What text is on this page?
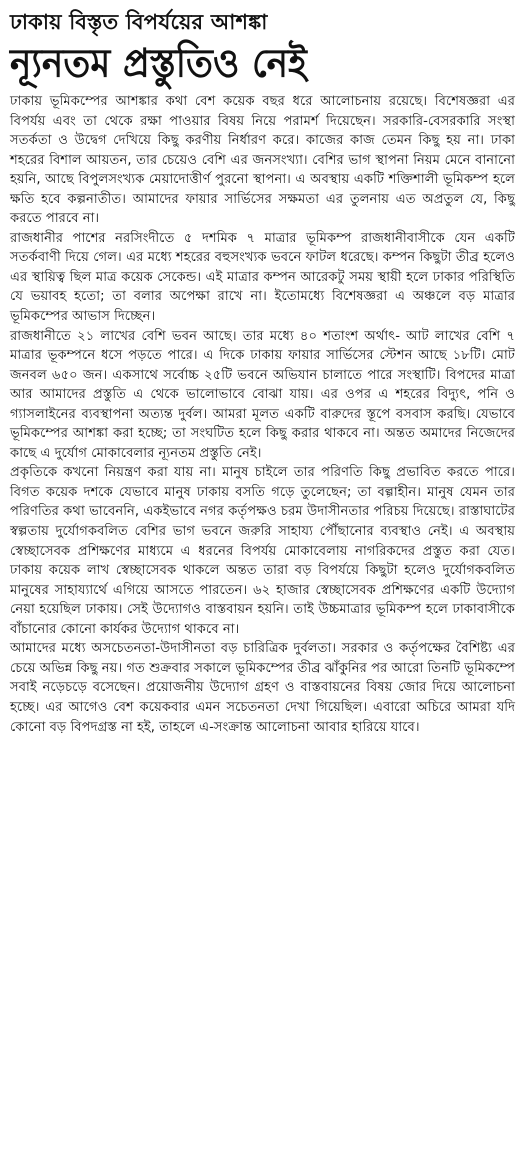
ঢাকায় বিস্তৃত বিপর্যয়ের আশঙ্কা
ন্যূনতম প্রস্তুতিও নেই

ঢাকায় ভূমিকম্পের আশঙ্কার কথা বেশ কয়েক বছর ধরে আলোচনায় রয়েছে। বিশেষজ্ঞরা এর বিপর্যয় এবং তা থেকে রক্ষা পাওয়ার বিষয় নিয়ে পরামর্শ দিয়েছেন। সরকারি-বেসরকারি সংস্থা সতর্কতা ও উদ্বেগ দেখিয়ে কিছু করণীয় নির্ধারণ করে। কাজের কাজ তেমন কিছু হয় না। ঢাকা শহরের বিশাল আয়তন, তার চেয়েও বেশি এর জনসংখ্যা। বেশির ভাগ স্থাপনা নিয়ম মেনে বানানো হয়নি, আছে বিপুলসংখ্যক মেয়াদোত্তীর্ণ পুরনো স্থাপনা। এ অবস্থায় একটি শক্তিশালী ভূমিকম্প হলে ক্ষতি হবে কল্পনাতীত। আমাদের ফায়ার সার্ভিসের সক্ষমতা এর তুলনায় এত অপ্রতুল যে, কিছু করতে পারবে না।

রাজধানীর পাশের নরসিংদীতে ৫ দশমিক ৭ মাত্রার ভূমিকম্প রাজধানীবাসীকে যেন একটি সতর্কবাণী দিয়ে গেল। এর মধ্যে শহরের বহুসংখ্যক ভবনে ফাটল ধরেছে। কম্পন কিছুটা তীব্র হলেও এর স্থায়িত্ব ছিল মাত্র কয়েক সেকেন্ড। এই মাত্রার কম্পন আরেকটু সময় স্থায়ী হলে ঢাকার পরিস্থিতি যে ভয়াবহ হতো; তা বলার অপেক্ষা রাখে না। ইতোমধ্যে বিশেষজ্ঞরা এ অঞ্চলে বড় মাত্রার ভূমিকম্পের আভাস দিচ্ছেন।

রাজধানীতে ২১ লাখের বেশি ভবন আছে। তার মধ্যে ৪০ শতাংশ অর্থাৎ- আট লাখের বেশি ৭ মাত্রার ভূকম্পনে ধসে পড়তে পারে। এ দিকে ঢাকায় ফায়ার সার্ভিসের স্টেশন আছে ১৮টি। মোট জনবল ৬৫০ জন। একসাথে সর্বোচ্চ ২৫টি ভবনে অভিযান চালাতে পারে সংস্থাটি। বিপদের মাত্রা আর আমাদের প্রস্তুতি এ থেকে ভালোভাবে বোঝা যায়। এর ওপর এ শহরের বিদ্যুৎ, পনি ও গ্যাসলাইনের ব্যবস্থাপনা অত্যন্ত দুর্বল। আমরা মূলত একটি বারুদের স্তূপে বসবাস করছি। যেভাবে ভূমিকম্পের আশঙ্কা করা হচ্ছে; তা সংঘটিত হলে কিছু করার থাকবে না। অন্তত অমাদের নিজেদের কাছে এ দুর্যোগ মোকাবেলার ন্যূনতম প্রস্তুতি নেই।

প্রকৃতিকে কখনো নিয়ন্ত্রণ করা যায় না। মানুষ চাইলে তার পরিণতি কিছু প্রভাবিত করতে পারে। বিগত কয়েক দশকে যেভাবে মানুষ ঢাকায় বসতি গড়ে তুলেছেন; তা বল্গাহীন। মানুষ যেমন তার পরিণতির কথা ভাবেননি, একইভাবে নগর কর্তৃপক্ষও চরম উদাসীনতার পরিচয় দিয়েছে। রাস্তাঘাটের স্বল্পতায় দুর্যোগকবলিত বেশির ভাগ ভবনে জরুরি সাহায্য পৌঁছানোর ব্যবস্থাও নেই। এ অবস্থায় স্বেচ্ছাসেবক প্রশিক্ষণের মাধ্যমে এ ধরনের বিপর্যয় মোকাবেলায় নাগরিকদের প্রস্তুত করা যেত। ঢাকায় কয়েক লাখ স্বেচ্ছাসেবক থাকলে অন্তত তারা বড় বিপর্যয়ে কিছুটা হলেও দুর্যোগকবলিত মানুষের সাহায্যার্থে এগিয়ে আসতে পারতেন। ৬২ হাজার স্বেচ্ছাসেবক প্রশিক্ষণের একটি উদ্যোগ নেয়া হয়েছিল ঢাকায়। সেই উদ্যোগও বাস্তবায়ন হয়নি। তাই উচ্চমাত্রার ভূমিকম্প হলে ঢাকাবাসীকে বাঁচানোর কোনো কার্যকর উদ্যোগ থাকবে না।

আমাদের মধ্যে অসচেতনতা-উদাসীনতা বড় চারিত্রিক দুর্বলতা। সরকার ও কর্তৃপক্ষের বৈশিষ্ট্য এর চেয়ে অভিন্ন কিছু নয়। গত শুক্রবার সকালে ভূমিকম্পের তীব্র ঝাঁকুনির পর আরো তিনটি ভূমিকম্পে সবাই নড়েচড়ে বসেছেন। প্রয়োজনীয় উদ্যোগ গ্রহণ ও বাস্তবায়নের বিষয় জোর দিয়ে আলোচনা হচ্ছে। এর আগেও বেশ কয়েকবার এমন সচেতনতা দেখা গিয়েছিল। এবারো অচিরে আমরা যদি কোনো বড় বিপদগ্রস্ত না হই, তাহলে এ-সংক্রান্ত আলোচনা আবার হারিয়ে যাবে।
